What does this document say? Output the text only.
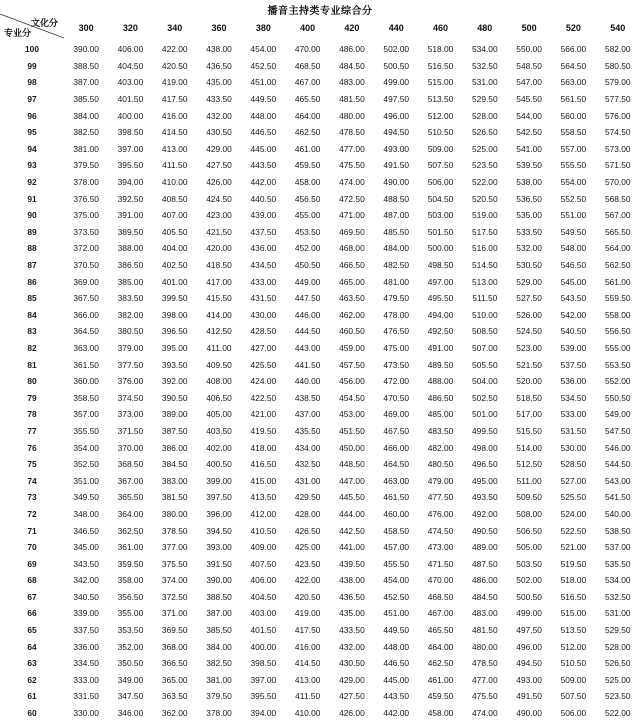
播音主持类专业综合分
文化分
专业分	300	320	340	360	380	400	420	440	460	480	500	520	540
100	390.00	406.00	422.00	438.00	454.00	470.00	486.00	502.00	518.00	534.00	550.00	566.00	582.00
99	388.50	404.50	420.50	436.50	452.50	468.50	484.50	500.50	516.50	532.50	548.50	564.50	580.50
98	387.00	403.00	419.00	435.00	451.00	467.00	483.00	499.00	515.00	531.00	547.00	563.00	579.00
97	385.50	401.50	417.50	433.50	449.50	465.50	481.50	497.50	513.50	529.50	545.50	561.50	577.50
96	384.00	400.00	416.00	432.00	448.00	464.00	480.00	496.00	512.00	528.00	544.00	560.00	576.00
95	382.50	398.50	414.50	430.50	446.50	462.50	478.50	494.50	510.50	526.50	542.50	558.50	574.50
94	381.00	397.00	413.00	429.00	445.00	461.00	477.00	493.00	509.00	525.00	541.00	557.00	573.00
93	379.50	395.50	411.50	427.50	443.50	459.50	475.50	491.50	507.50	523.50	539.50	555.50	571.50
92	378.00	394.00	410.00	426.00	442.00	458.00	474.00	490.00	506.00	522.00	538.00	554.00	570.00
91	376.50	392.50	408.50	424.50	440.50	456.50	472.50	488.50	504.50	520.50	536.50	552.50	568.50
90	375.00	391.00	407.00	423.00	439.00	455.00	471.00	487.00	503.00	519.00	535.00	551.00	567.00
89	373.50	389.50	405.50	421.50	437.50	453.50	469.50	485.50	501.50	517.50	533.50	549.50	565.50
88	372.00	388.00	404.00	420.00	436.00	452.00	468.00	484.00	500.00	516.00	532.00	548.00	564.00
87	370.50	386.50	402.50	418.50	434.50	450.50	466.50	482.50	498.50	514.50	530.50	546.50	562.50
86	369.00	385.00	401.00	417.00	433.00	449.00	465.00	481.00	497.00	513.00	529.00	545.00	561.00
85	367.50	383.50	399.50	415.50	431.50	447.50	463.50	479.50	495.50	511.50	527.50	543.50	559.50
84	366.00	382.00	398.00	414.00	430.00	446.00	462.00	478.00	494.00	510.00	526.00	542.00	558.00
83	364.50	380.50	396.50	412.50	428.50	444.50	460.50	476.50	492.50	508.50	524.50	540.50	556.50
82	363.00	379.00	395.00	411.00	427.00	443.00	459.00	475.00	491.00	507.00	523.00	539.00	555.00
81	361.50	377.50	393.50	409.50	425.50	441.50	457.50	473.50	489.50	505.50	521.50	537.50	553.50
80	360.00	376.00	392.00	408.00	424.00	440.00	456.00	472.00	488.00	504.00	520.00	536.00	552.00
79	358.50	374.50	390.50	406.50	422.50	438.50	454.50	470.50	486.50	502.50	518.50	534.50	550.50
78	357.00	373.00	389.00	405.00	421.00	437.00	453.00	469.00	485.00	501.00	517.00	533.00	549.00
77	355.50	371.50	387.50	403.50	419.50	435.50	451.50	467.50	483.50	499.50	515.50	531.50	547.50
76	354.00	370.00	386.00	402.00	418.00	434.00	450.00	466.00	482.00	498.00	514.00	530.00	546.00
75	352.50	368.50	384.50	400.50	416.50	432.50	448.50	464.50	480.50	496.50	512.50	528.50	544.50
74	351.00	367.00	383.00	399.00	415.00	431.00	447.00	463.00	479.00	495.00	511.00	527.00	543.00
73	349.50	365.50	381.50	397.50	413.50	429.50	445.50	461.50	477.50	493.50	509.50	525.50	541.50
72	348.00	364.00	380.00	396.00	412.00	428.00	444.00	460.00	476.00	492.00	508.00	524.00	540.00
71	346.50	362.50	378.50	394.50	410.50	426.50	442.50	458.50	474.50	490.50	506.50	522.50	538.50
70	345.00	361.00	377.00	393.00	409.00	425.00	441.00	457.00	473.00	489.00	505.00	521.00	537.00
69	343.50	359.50	375.50	391.50	407.50	423.50	439.50	455.50	471.50	487.50	503.50	519.50	535.50
68	342.00	358.00	374.00	390.00	406.00	422.00	438.00	454.00	470.00	486.00	502.00	518.00	534.00
67	340.50	356.50	372.50	388.50	404.50	420.50	436.50	452.50	468.50	484.50	500.50	516.50	532.50
66	339.00	355.00	371.00	387.00	403.00	419.00	435.00	451.00	467.00	483.00	499.00	515.00	531.00
65	337.50	353.50	369.50	385.50	401.50	417.50	433.50	449.50	465.50	481.50	497.50	513.50	529.50
64	336.00	352.00	368.00	384.00	400.00	416.00	432.00	448.00	464.00	480.00	496.00	512.00	528.00
63	334.50	350.50	366.50	382.50	398.50	414.50	430.50	446.50	462.50	478.50	494.50	510.50	526.50
62	333.00	349.00	365.00	381.00	397.00	413.00	429.00	445.00	461.00	477.00	493.00	509.00	525.00
61	331.50	347.50	363.50	379.50	395.50	411.50	427.50	443.50	459.50	475.50	491.50	507.50	523.50
60	330.00	346.00	362.00	378.00	394.00	410.00	426.00	442.00	458.00	474.00	490.00	506.00	522.00
